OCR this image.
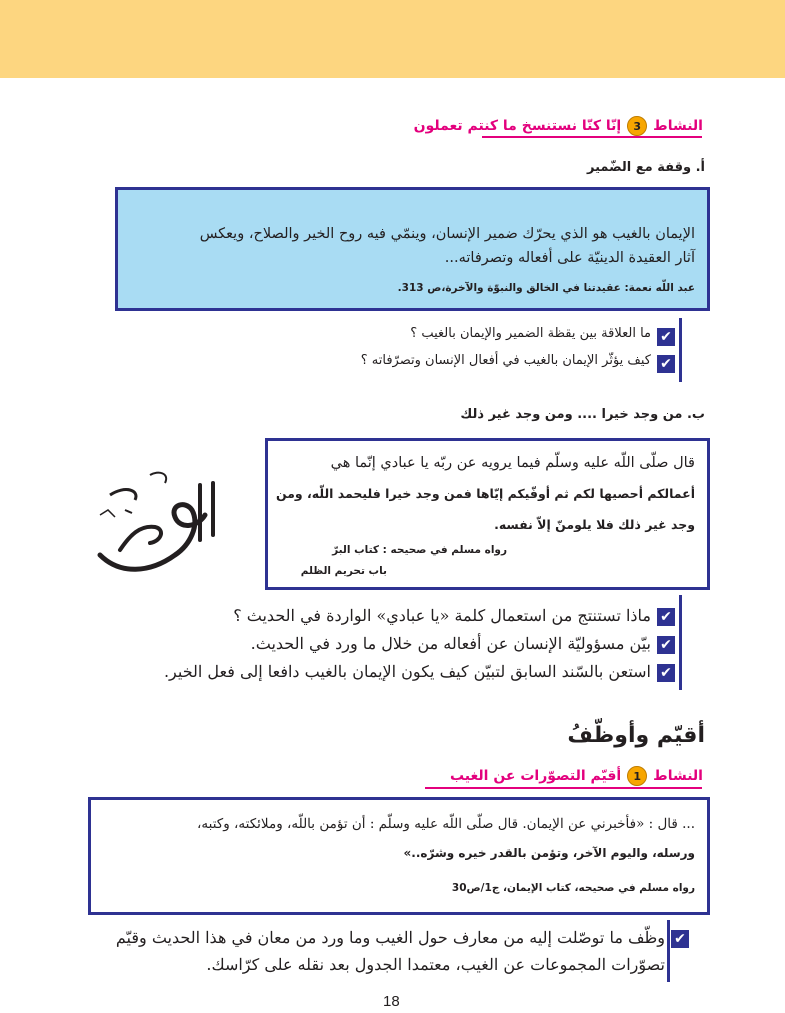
النشاط
3
إنّا كنّا نستنسخ ما كنتم تعملون
أ. وقفة مع الضّمير
الإيمان بالغيب هو الذي يحرّك ضمير الإنسان، وينمّي فيه روح الخير والصلاح، ويعكس
آثار العقيدة الدينيّة على أفعاله وتصرفاته...
عبد اللّه نعمة: عقيدتنا في الخالق والنبوّة والآخرة،ص 313.
✔
ما العلاقة بين يقظة الضمير والإيمان بالغيب ؟
✔
كيف يؤثّر الإيمان بالغيب في أفعال الإنسان وتصرّفاته ؟
ب. من وجد خيرا .... ومن وجد غير ذلك
قال صلّى اللّه عليه وسلّم فيما يرويه عن ربّه يا عبادي إنّما هي
أعمالكم أحصيها لكم ثم أوفّيكم إيّاها فمن وجد خيرا فليحمد اللّه، ومن
وجد غير ذلك فلا يلومنّ إلاّ نفسه.
رواه مسلم في صحيحه : كتاب البرّ
باب تحريم الظلم
✔
ماذا تستنتج من استعمال كلمة «يا عبادي» الواردة في الحديث ؟
✔
بيّن مسؤوليّة الإنسان عن أفعاله من خلال ما ورد في الحديث.
✔
استعن بالسّند السابق لتبيّن كيف يكون الإيمان بالغيب دافعا إلى فعل الخير.
أقيّم وأوظّفُ
النشاط
1
أقيّم التصوّرات عن الغيب
... قال : «فأخبرني عن الإيمان. قال صلّى اللّه عليه وسلّم : أن تؤمن باللّه، وملائكته، وكتبه،
ورسله، واليوم الآخر، وتؤمن بالقدر خيره وشرّه..»
رواه مسلم في صحيحه، كتاب الإيمان، ج1/ص30
✔
وظّف ما توصّلت إليه من معارف حول الغيب وما ورد من معان في هذا الحديث وقيّم
تصوّرات المجموعات عن الغيب، معتمدا الجدول بعد نقله على كرّاسك.
18
